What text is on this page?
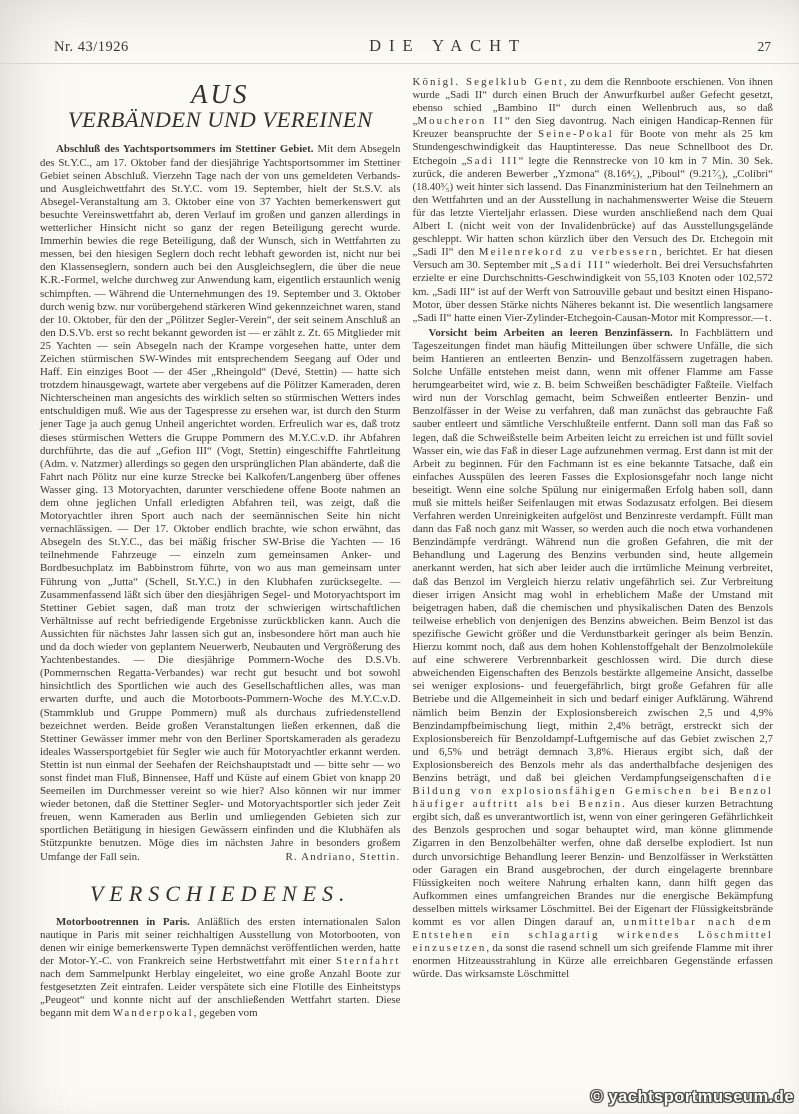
Nr. 43/1926	DIE YACHT	27
AUS
VERBÄNDEN UND VEREINEN

Abschluß des Yachtsportsommers im Stettiner Gebiet. Mit dem Absegeln des St.Y.C., am 17. Oktober fand der diesjährige Yachtsportsommer im Stettiner Gebiet seinen Abschluß. Vierzehn Tage nach der von uns gemeldeten Verbands- und Ausgleichwettfahrt des St.Y.C. vom 19. September, hielt der St.S.V. als Absegel-Veranstaltung am 3. Oktober eine von 37 Yachten bemerkenswert gut besuchte Vereinswettfahrt ab, deren Verlauf im großen und ganzen allerdings in wetterlicher Hinsicht nicht so ganz der regen Beteiligung gerecht wurde. Immerhin bewies die rege Beteiligung, daß der Wunsch, sich in Wettfahrten zu messen, bei den hiesigen Seglern doch recht lebhaft geworden ist, nicht nur bei den Klassenseglern, sondern auch bei den Ausgleichseglern, die über die neue K.R.-Formel, welche durchweg zur Anwendung kam, eigentlich erstaunlich wenig schimpften. — Während die Unternehmungen des 19. September und 3. Oktober durch wenig bzw. nur vorübergehend stärkeren Wind gekennzeichnet waren, stand der 10. Oktober, für den der „Pölitzer Segler-Verein“, der seit seinem Anschluß an den D.S.Vb. erst so recht bekannt geworden ist — er zählt z. Zt. 65 Mitglieder mit 25 Yachten — sein Absegeln nach der Krampe vorgesehen hatte, unter dem Zeichen stürmischen SW-Windes mit entsprechendem Seegang auf Oder und Haff. Ein einziges Boot — der 45er „Rheingold“ (Devé, Stettin) — hatte sich trotzdem hinausgewagt, wartete aber vergebens auf die Pölitzer Kameraden, deren Nichterscheinen man angesichts des wirklich selten so stürmischen Wetters indes entschuldigen muß. Wie aus der Tagespresse zu ersehen war, ist durch den Sturm jener Tage ja auch genug Unheil angerichtet worden. Erfreulich war es, daß trotz dieses stürmischen Wetters die Gruppe Pommern des M.Y.C.v.D. ihr Abfahren durchführte, das die auf „Gefion III“ (Vogt, Stettin) eingeschiffte Fahrtleitung (Adm. v. Natzmer) allerdings so gegen den ursprünglichen Plan abänderte, daß die Fahrt nach Pölitz nur eine kurze Strecke bei Kalkofen/Langenberg über offenes Wasser ging. 13 Motoryachten, darunter verschiedene offene Boote nahmen an dem ohne jeglichen Unfall erledigten Abfahren teil, was zeigt, daß die Motoryachtler ihren Sport auch nach der seemännischen Seite hin nicht vernachlässigen. — Der 17. Oktober endlich brachte, wie schon erwähnt, das Absegeln des St.Y.C., das bei mäßig frischer SW-Brise die Yachten — 16 teilnehmende Fahrzeuge — einzeln zum gemeinsamen Anker- und Bordbesuchplatz im Babbinstrom führte, von wo aus man gemeinsam unter Führung von „Jutta“ (Schell, St.Y.C.) in den Klubhafen zurücksegelte. — Zusammenfassend läßt sich über den diesjährigen Segel- und Motoryachtsport im Stettiner Gebiet sagen, daß man trotz der schwierigen wirtschaftlichen Verhältnisse auf recht befriedigende Ergebnisse zurückblicken kann. Auch die Aussichten für nächstes Jahr lassen sich gut an, insbesondere hört man auch hie und da doch wieder von geplantem Neuerwerb, Neubauten und Vergrößerung des Yachtenbestandes. — Die diesjährige Pommern-Woche des D.S.Vb. (Pommernschen Regatta-Verbandes) war recht gut besucht und bot sowohl hinsichtlich des Sportlichen wie auch des Gesellschaftlichen alles, was man erwarten durfte, und auch die Motorboots-Pommern-Woche des M.Y.C.v.D. (Stammklub und Gruppe Pommern) muß als durchaus zufriedenstellend bezeichnet werden. Beide großen Veranstaltungen ließen erkennen, daß die Stettiner Gewässer immer mehr von den Berliner Sportskameraden als geradezu ideales Wassersportgebiet für Segler wie auch für Motoryachtler erkannt werden. Stettin ist nun einmal der Seehafen der Reichshauptstadt und — bitte sehr — wo sonst findet man Fluß, Binnensee, Haff und Küste auf einem Gbiet von knapp 20 Seemeilen im Durchmesser vereint so wie hier? Also können wir nur immer wieder betonen, daß die Stettiner Segler- und Motoryachtsportler sich jeder Zeit freuen, wenn Kameraden aus Berlin und umliegenden Gebieten sich zur sportlichen Betätigung in hiesigen Gewässern einfinden und die Klubhäfen als Stützpunkte benutzen. Möge dies im nächsten Jahre in besonders großem Umfange der Fall sein.	R. Andriano, Stettin.

VERSCHIEDENES.

Motorbootrennen in Paris. Anläßlich des ersten internationalen Salon nautique in Paris mit seiner reichhaltigen Ausstellung von Motorbooten, von denen wir einige bemerkenswerte Typen demnächst veröffentlichen werden, hatte der Motor-Y.-C. von Frankreich seine Herbstwettfahrt mit einer Sternfahrt nach dem Sammelpunkt Herblay eingeleitet, wo eine große Anzahl Boote zur festgesetzten Zeit eintrafen. Leider verspätete sich eine Flotille des Einheitstyps „Peugeot“ und konnte nicht auf der anschließenden Wettfahrt starten. Diese begann mit dem Wanderpokal, gegeben vom

Königl. Segelklub Gent, zu dem die Rennboote erschienen. Von ihnen wurde „Sadi II“ durch einen Bruch der Anwurfkurbel außer Gefecht gesetzt, ebenso schied „Bambino II“ durch einen Wellenbruch aus, so daß „Moucheron II“ den Sieg davontrug. Nach einigen Handicap-Rennen für Kreuzer beanspruchte der Seine-Pokal für Boote von mehr als 25 km Stundengeschwindigkeit das Hauptinteresse. Das neue Schnellboot des Dr. Etchegoin „Sadi III“ legte die Rennstrecke von 10 km in 7 Min. 30 Sek. zurück, die anderen Bewerber „Yzmona“ (8.16⁴⁄₅), „Piboul“ (9.21⁷⁄₅), „Colibri“ (18.40³⁄₅) weit hinter sich lassend. Das Finanzministerium hat den Teilnehmern an den Wettfahrten und an der Ausstellung in nachahmenswerter Weise die Steuern für das letzte Vierteljahr erlassen. Diese wurden anschließend nach dem Quai Albert I. (nicht weit von der Invalidenbrücke) auf das Ausstellungsgelände geschleppt. Wir hatten schon kürzlich über den Versuch des Dr. Etchegoin mit „Sadi II“ den Meilenrekord zu verbessern, berichtet. Er hat diesen Versuch am 30. September mit „Sadi III“ wiederholt. Bei drei Versuchsfahrten erzielte er eine Durchschnitts-Geschwindigkeit von 55,103 Knoten oder 102,572 km. „Sadi III“ ist auf der Werft von Satrouville gebaut und besitzt einen Hispano-Motor, über dessen Stärke nichts Näheres bekannt ist. Die wesentlich langsamere „Sadi II“ hatte einen Vier-Zylinder-Etchegoin-Causan-Motor mit Kompressor. —t.

Vorsicht beim Arbeiten an leeren Benzinfässern. In Fachblättern und Tageszeitungen findet man häufig Mitteilungen über schwere Unfälle, die sich beim Hantieren an entleerten Benzin- und Benzolfässern zugetragen haben. Solche Unfälle entstehen meist dann, wenn mit offener Flamme am Fasse herumgearbeitet wird, wie z. B. beim Schweißen beschädigter Faßteile. Vielfach wird nun der Vorschlag gemacht, beim Schweißen entleerter Benzin- und Benzolfässer in der Weise zu verfahren, daß man zunächst das gebrauchte Faß sauber entleert und sämtliche Verschlußteile entfernt. Dann soll man das Faß so legen, daß die Schweißstelle beim Arbeiten leicht zu erreichen ist und füllt soviel Wasser ein, wie das Faß in dieser Lage aufzunehmen vermag. Erst dann ist mit der Arbeit zu beginnen. Für den Fachmann ist es eine bekannte Tatsache, daß ein einfaches Ausspülen des leeren Fasses die Explosionsgefahr noch lange nicht beseitigt. Wenn eine solche Spülung nur einigermaßen Erfolg haben soll, dann muß sie mittels heißer Seifenlaugen mit etwas Sodazusatz erfolgen. Bei diesem Verfahren werden Unreinigkeiten aufgelöst und Benzinreste verdampft. Füllt man dann das Faß noch ganz mit Wasser, so werden auch die noch etwa vorhandenen Benzindämpfe verdrängt. Während nun die großen Gefahren, die mit der Behandlung und Lagerung des Benzins verbunden sind, heute allgemein anerkannt werden, hat sich aber leider auch die irrtümliche Meinung verbreitet, daß das Benzol im Vergleich hierzu relativ ungefährlich sei. Zur Verbreitung dieser irrigen Ansicht mag wohl in erheblichem Maße der Umstand mit beigetragen haben, daß die chemischen und physikalischen Daten des Benzols teilweise erheblich von denjenigen des Benzins abweichen. Beim Benzol ist das spezifische Gewicht größer und die Verdunstbarkeit geringer als beim Benzin. Hierzu kommt noch, daß aus dem hohen Kohlenstoffgehalt der Benzolmoleküle auf eine schwerere Verbrennbarkeit geschlossen wird. Die durch diese abweichenden Eigenschaften des Benzols bestärkte allgemeine Ansicht, dasselbe sei weniger explosions- und feuergefährlich, birgt große Gefahren für alle Betriebe und die Allgemeinheit in sich und bedarf einiger Aufklärung. Während nämlich beim Benzin der Explosionsbereich zwischen 2,5 und 4,9% Benzindampfbeimischung liegt, mithin 2,4% beträgt, erstreckt sich der Explosionsbereich für Benzoldampf-Luftgemische auf das Gebiet zwischen 2,7 und 6,5% und beträgt demnach 3,8%. Hieraus ergibt sich, daß der Explosionsbereich des Benzols mehr als das anderthalbfache desjenigen des Benzins beträgt, und daß bei gleichen Verdampfungseigenschaften die Bildung von explosionsfähigen Gemischen bei Benzol häufiger auftritt als bei Benzin. Aus dieser kurzen Betrachtung ergibt sich, daß es unverantwortlich ist, wenn von einer geringeren Gefährlichkeit des Benzols gesprochen und sogar behauptet wird, man könne glimmende Zigarren in den Benzolbehälter werfen, ohne daß derselbe explodiert. Ist nun durch unvorsichtige Behandlung leerer Benzin- und Benzolfässer in Werkstätten oder Garagen ein Brand ausgebrochen, der durch eingelagerte brennbare Flüssigkeiten noch weitere Nahrung erhalten kann, dann hilft gegen das Aufkommen eines umfangreichen Brandes nur die energische Bekämpfung desselben mittels wirksamer Löschmittel. Bei der Eigenart der Flüssigkeitsbrände kommt es vor allen Dingen darauf an, unmittelbar nach dem Entstehen ein schlagartig wirkendes Löschmittel einzusetzen, da sonst die rasend schnell um sich greifende Flamme mit ihrer enormen Hitzeausstrahlung in Kürze alle erreichbaren Gegenstände erfassen würde. Das wirksamste Löschmittel

© yachtsportmuseum.de
